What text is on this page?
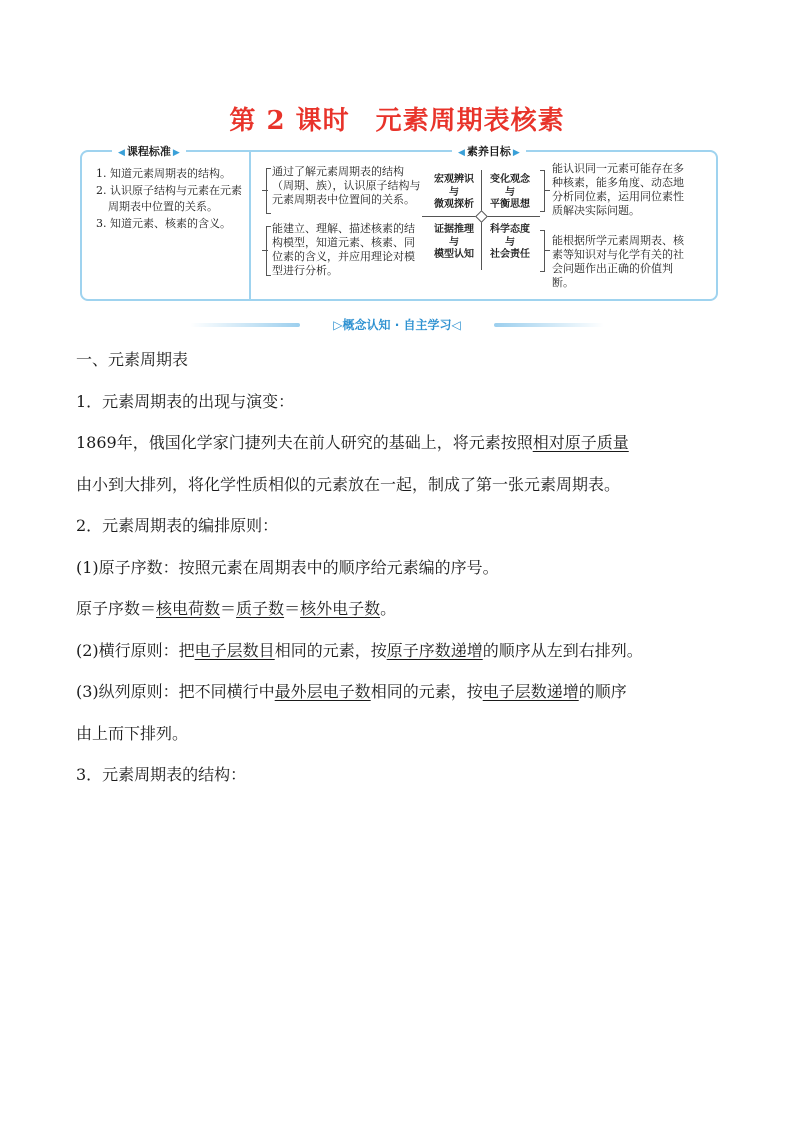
第 2 课时 元素周期表核素
◀ 课程标准 ▶
1. 知道元素周期表的结构。
2. 认识原子结构与元素在元素周期表中位置的关系。
3. 知道元素、核素的含义。
◀ 素养目标 ▶
通过了解元素周期表的结构（周期、族），认识原子结构与元素周期表中位置间的关系。
能建立、理解、描述核素的结构模型，知道元素、核素、同位素的含义，并应用理论对模型进行分析。
宏观辨识
与
微观探析
证据推理
与
模型认知
变化观念
与
平衡思想
科学态度
与
社会责任
能认识同一元素可能存在多种核素，能多角度、动态地分析同位素，运用同位素性质解决实际问题。
能根据所学元素周期表、核素等知识对与化学有关的社会问题作出正确的价值判断。
▷概念认知 · 自主学习◁
一、元素周期表
1．元素周期表的出现与演变：
1869年，俄国化学家门捷列夫在前人研究的基础上，将元素按照相对原子质量
由小到大排列，将化学性质相似的元素放在一起，制成了第一张元素周期表。
2．元素周期表的编排原则：
(1)原子序数：按照元素在周期表中的顺序给元素编的序号。
原子序数＝核电荷数＝质子数＝核外电子数。
(2)横行原则：把电子层数目相同的元素，按原子序数递增的顺序从左到右排列。
(3)纵列原则：把不同横行中最外层电子数相同的元素，按电子层数递增的顺序
由上而下排列。
3．元素周期表的结构：
